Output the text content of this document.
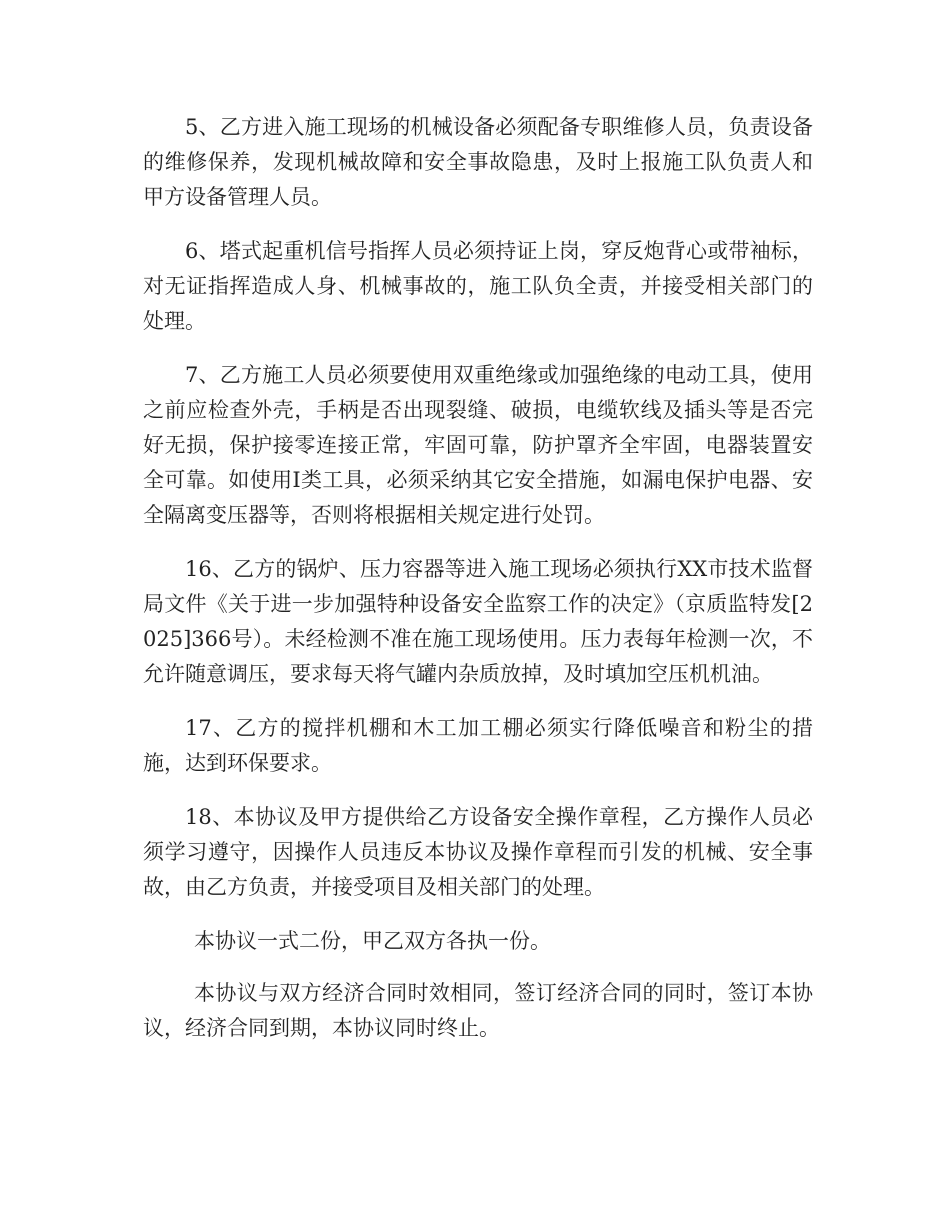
5、乙方进入施工现场的机械设备必须配备专职维修人员，负责设备的维修保养，发现机械故障和安全事故隐患，及时上报施工队负责人和甲方设备管理人员。

6、塔式起重机信号指挥人员必须持证上岗，穿反炮背心或带袖标，对无证指挥造成人身、机械事故的，施工队负全责，并接受相关部门的处理。

7、乙方施工人员必须要使用双重绝缘或加强绝缘的电动工具，使用之前应检查外壳，手柄是否出现裂缝、破损，电缆软线及插头等是否完好无损，保护接零连接正常，牢固可靠，防护罩齐全牢固，电器装置安全可靠。如使用Ⅰ类工具，必须采纳其它安全措施，如漏电保护电器、安全隔离变压器等，否则将根据相关规定进行处罚。

16、乙方的锅炉、压力容器等进入施工现场必须执行XX市技术监督局文件《关于进一步加强特种设备安全监察工作的决定》（京质监特发[2025]366号）。未经检测不准在施工现场使用。压力表每年检测一次，不允许随意调压，要求每天将气罐内杂质放掉，及时填加空压机机油。

17、乙方的搅拌机棚和木工加工棚必须实行降低噪音和粉尘的措施，达到环保要求。

18、本协议及甲方提供给乙方设备安全操作章程，乙方操作人员必须学习遵守，因操作人员违反本协议及操作章程而引发的机械、安全事故，由乙方负责，并接受项目及相关部门的处理。

本协议一式二份，甲乙双方各执一份。

本协议与双方经济合同时效相同，签订经济合同的同时，签订本协议，经济合同到期，本协议同时终止。
